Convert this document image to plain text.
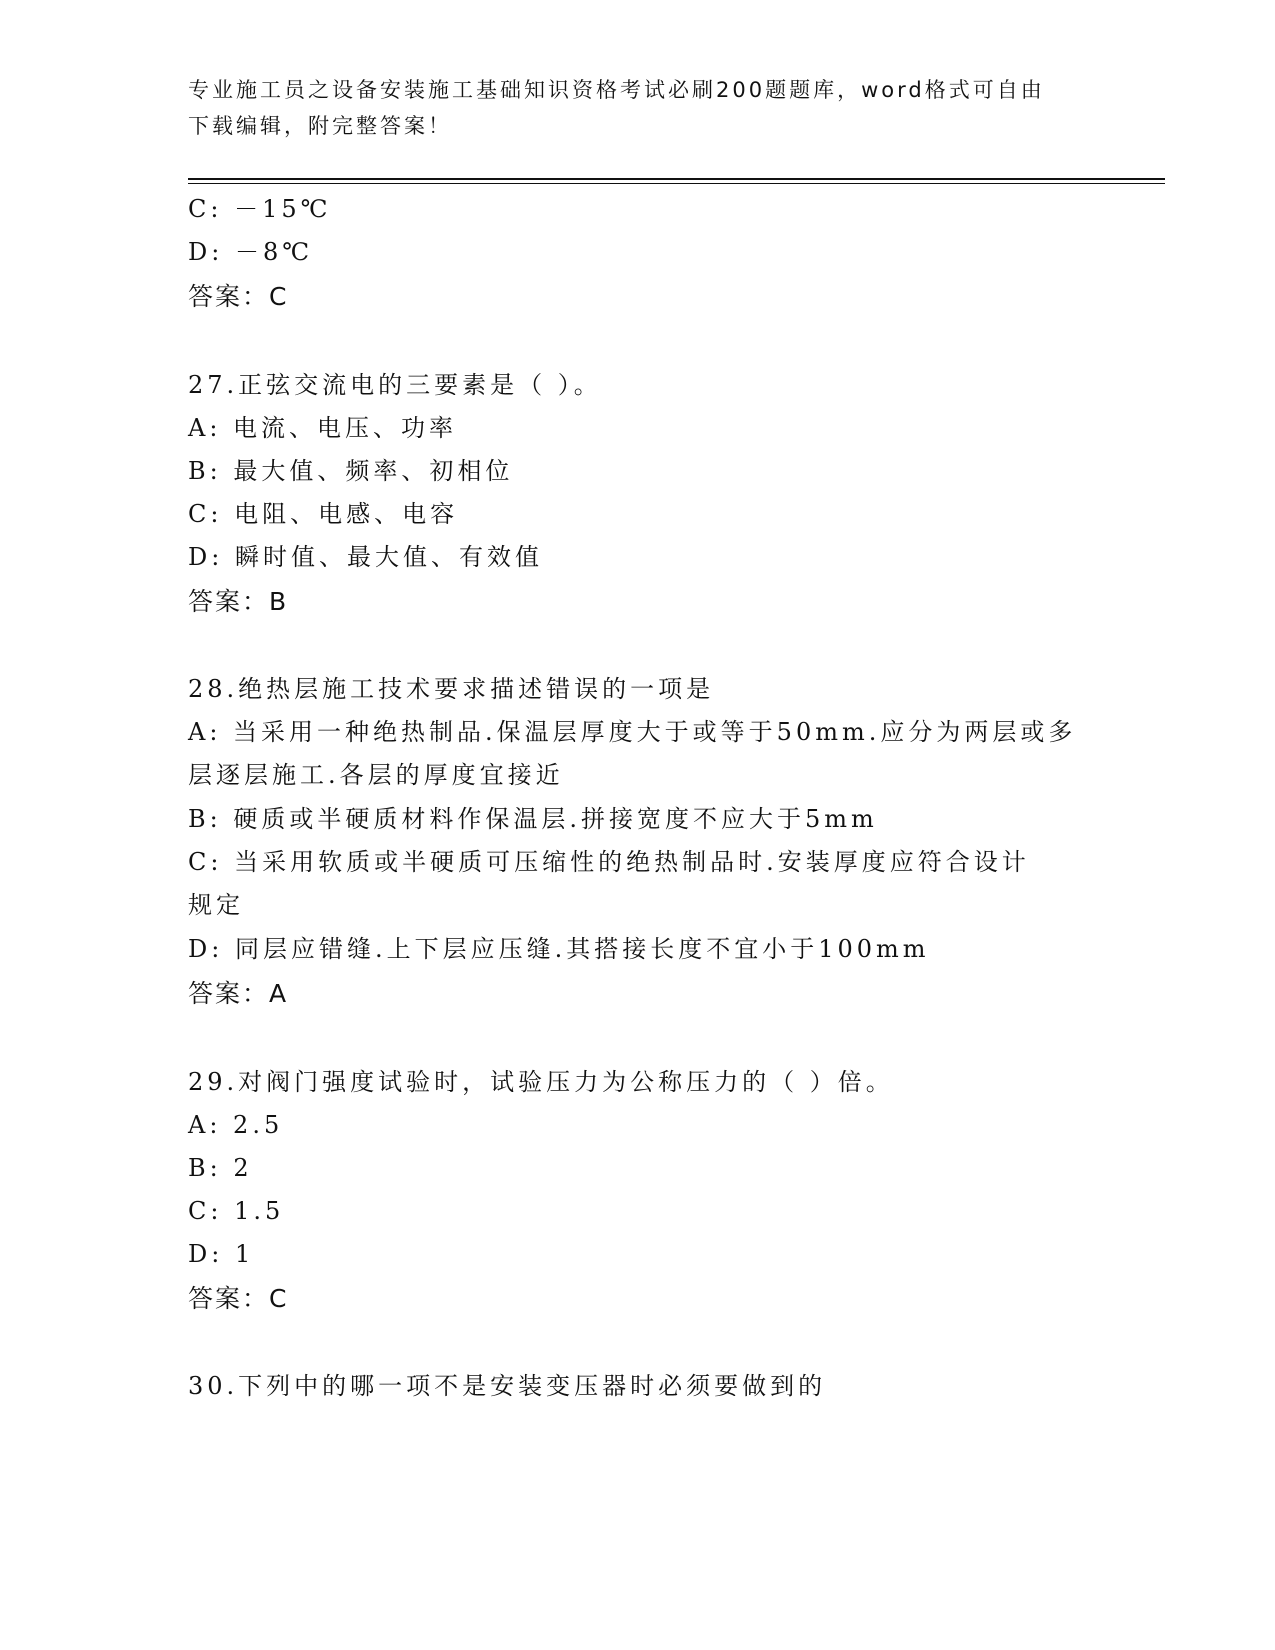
专业施工员之设备安装施工基础知识资格考试必刷200题题库，word格式可自由
下载编辑，附完整答案！
C: －15℃
D: －8℃
答案：C
27.正弦交流电的三要素是（ ）。
A: 电流、电压、功率
B: 最大值、频率、初相位
C: 电阻、电感、电容
D: 瞬时值、最大值、有效值
答案：B
28.绝热层施工技术要求描述错误的一项是
A: 当采用一种绝热制品.保温层厚度大于或等于50mm.应分为两层或多
层逐层施工.各层的厚度宜接近
B: 硬质或半硬质材料作保温层.拼接宽度不应大于5mm
C: 当采用软质或半硬质可压缩性的绝热制品时.安装厚度应符合设计
规定
D: 同层应错缝.上下层应压缝.其搭接长度不宜小于100mm
答案：A
29.对阀门强度试验时，试验压力为公称压力的（ ）倍。
A: 2.5
B: 2
C: 1.5
D: 1
答案：C
30.下列中的哪一项不是安装变压器时必须要做到的
